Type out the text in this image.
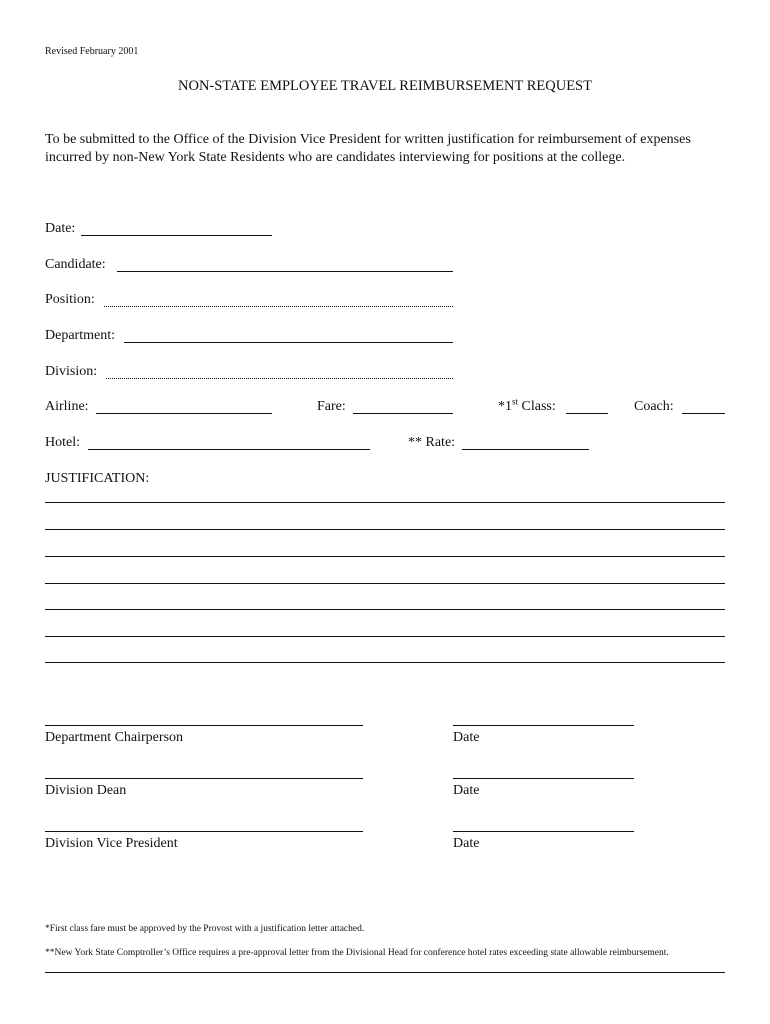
Revised February 2001
NON-STATE EMPLOYEE TRAVEL REIMBURSEMENT REQUEST
To be submitted to the Office of the Division Vice President for written justification for reimbursement of expenses incurred by non-New York State Residents who are candidates interviewing for positions at the college.
Date:
Candidate:
Position:
Department:
Division:
Airline:	Fare:	*1st Class:	Coach:
Hotel:	** Rate:
JUSTIFICATION:
Department Chairperson	Date
Division Dean	Date
Division Vice President	Date
*First class fare must be approved by the Provost with a justification letter attached.
**New York State Comptroller’s Office requires a pre-approval letter from the Divisional Head for conference hotel rates exceeding state allowable reimbursement.
